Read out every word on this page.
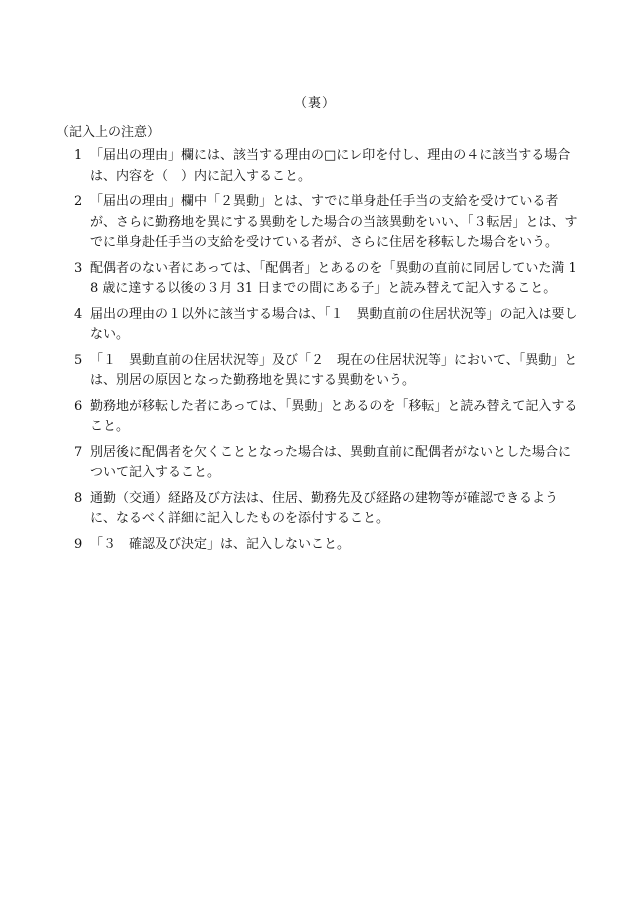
（裏）
（記入上の注意）
1 「届出の理由」欄には、該当する理由の□にレ印を付し、理由の４に該当する場合は、内容を（　）内に記入すること。
2 「届出の理由」欄中「２異動」とは、すでに単身赴任手当の支給を受けている者が、さらに勤務地を異にする異動をした場合の当該異動をいい、「３転居」とは、すでに単身赴任手当の支給を受けている者が、さらに住居を移転した場合をいう。
3 配偶者のない者にあっては、「配偶者」とあるのを「異動の直前に同居していた満 18 歳に達する以後の３月 31 日までの間にある子」と読み替えて記入すること。
4 届出の理由の１以外に該当する場合は、「１　異動直前の住居状況等」の記入は要しない。
5 「１　異動直前の住居状況等」及び「２　現在の住居状況等」において、「異動」とは、別居の原因となった勤務地を異にする異動をいう。
6 勤務地が移転した者にあっては、「異動」とあるのを「移転」と読み替えて記入すること。
7 別居後に配偶者を欠くこととなった場合は、異動直前に配偶者がないとした場合について記入すること。
8 通勤（交通）経路及び方法は、住居、勤務先及び経路の建物等が確認できるように、なるべく詳細に記入したものを添付すること。
9 「３　確認及び決定」は、記入しないこと。
